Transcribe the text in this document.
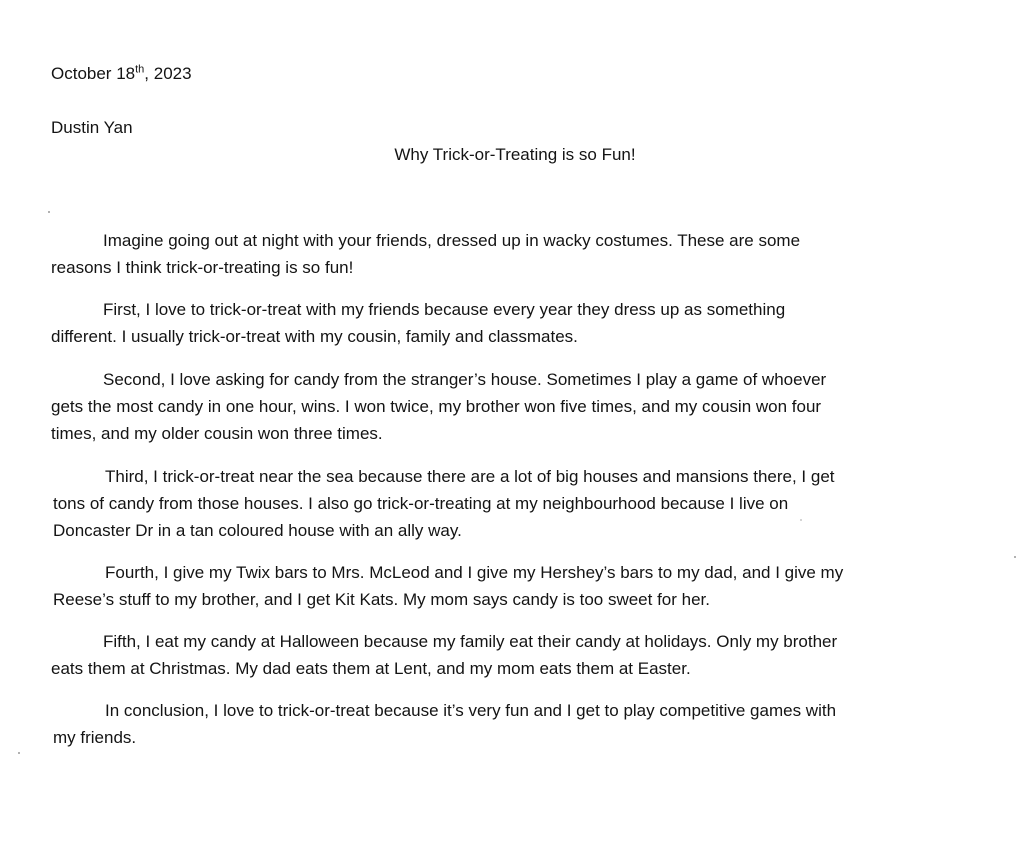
October 18th, 2023
Dustin Yan
Why Trick-or-Treating is so Fun!

Imagine going out at night with your friends, dressed up in wacky costumes. These are some
reasons I think trick-or-treating is so fun!

First, I love to trick-or-treat with my friends because every year they dress up as something
different. I usually trick-or-treat with my cousin, family and classmates.

Second, I love asking for candy from the stranger’s house. Sometimes I play a game of whoever
gets the most candy in one hour, wins. I won twice, my brother won five times, and my cousin won four
times, and my older cousin won three times.

Third, I trick-or-treat near the sea because there are a lot of big houses and mansions there, I get
tons of candy from those houses. I also go trick-or-treating at my neighbourhood because I live on
Doncaster Dr in a tan coloured house with an ally way.

Fourth, I give my Twix bars to Mrs. McLeod and I give my Hershey’s bars to my dad, and I give my
Reese’s stuff to my brother, and I get Kit Kats. My mom says candy is too sweet for her.

Fifth, I eat my candy at Halloween because my family eat their candy at holidays. Only my brother
eats them at Christmas. My dad eats them at Lent, and my mom eats them at Easter.

In conclusion, I love to trick-or-treat because it’s very fun and I get to play competitive games with
my friends.
